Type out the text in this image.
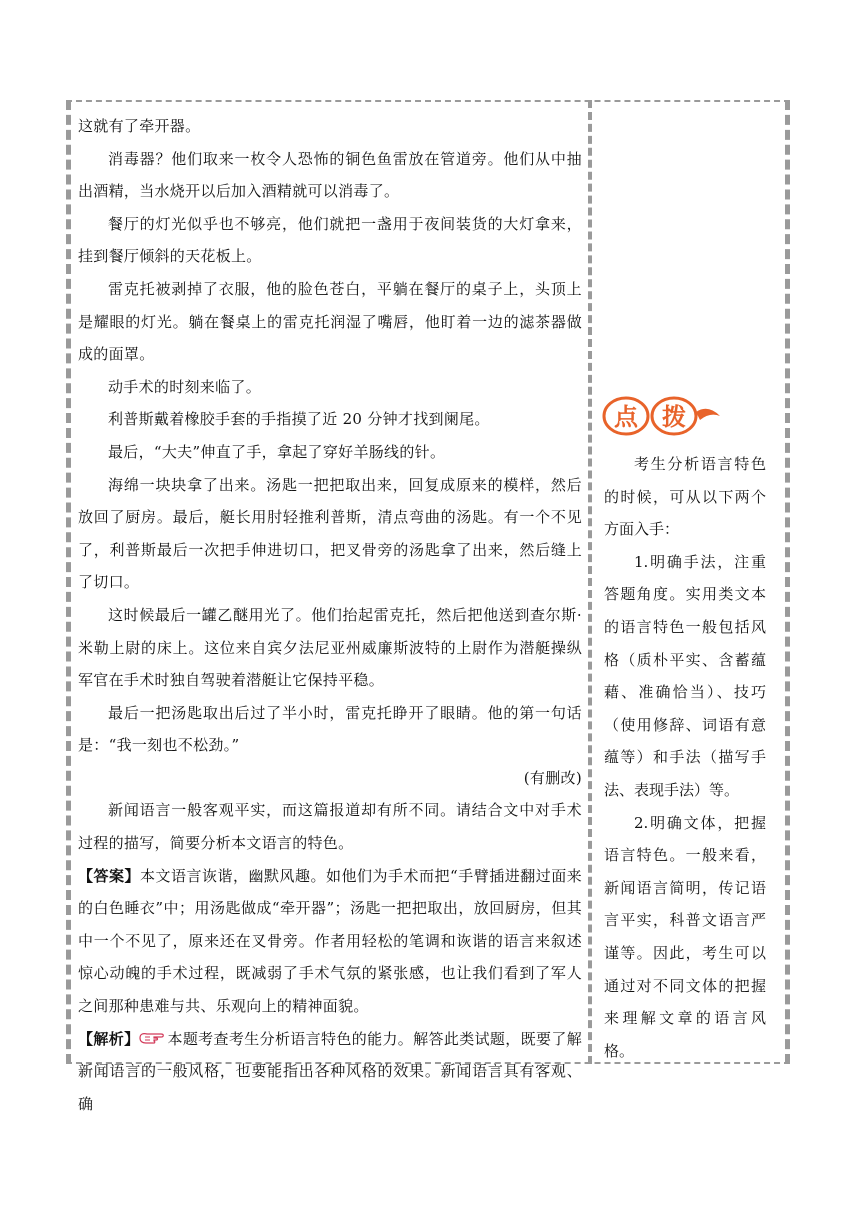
这就有了牵开器。

消毒器？他们取来一枚令人恐怖的铜色鱼雷放在管道旁。他们从中抽出酒精，当水烧开以后加入酒精就可以消毒了。

餐厅的灯光似乎也不够亮，他们就把一盏用于夜间装货的大灯拿来，挂到餐厅倾斜的天花板上。

雷克托被剥掉了衣服，他的脸色苍白，平躺在餐厅的桌子上，头顶上是耀眼的灯光。躺在餐桌上的雷克托润湿了嘴唇，他盯着一边的滤茶器做成的面罩。

动手术的时刻来临了。

利普斯戴着橡胶手套的手指摸了近 20 分钟才找到阑尾。

最后，“大夫”伸直了手，拿起了穿好羊肠线的针。

海绵一块块拿了出来。汤匙一把把取出来，回复成原来的模样，然后放回了厨房。最后，艇长用肘轻推利普斯，清点弯曲的汤匙。有一个不见了，利普斯最后一次把手伸进切口，把叉骨旁的汤匙拿了出来，然后缝上了切口。

这时候最后一罐乙醚用光了。他们抬起雷克托，然后把他送到查尔斯·米勒上尉的床上。这位来自宾夕法尼亚州威廉斯波特的上尉作为潜艇操纵军官在手术时独自驾驶着潜艇让它保持平稳。

最后一把汤匙取出后过了半小时，雷克托睁开了眼睛。他的第一句话是：“我一刻也不松劲。”

(有删改)

新闻语言一般客观平实，而这篇报道却有所不同。请结合文中对手术过程的描写，简要分析本文语言的特色。

【答案】本文语言诙谐，幽默风趣。如他们为手术而把“手臂插进翻过面来的白色睡衣”中；用汤匙做成“牵开器”；汤匙一把把取出，放回厨房，但其中一个不见了，原来还在叉骨旁。作者用轻松的笔调和诙谐的语言来叙述惊心动魄的手术过程，既减弱了手术气氛的紧张感，也让我们看到了军人之间那种患难与共、乐观向上的精神面貌。

【解析】 本题考查考生分析语言特色的能力。解答此类试题，既要了解新闻语言的一般风格，也要能指出各种风格的效果。新闻语言具有客观、确

点 拨

考生分析语言特色的时候，可从以下两个方面入手：

1.明确手法，注重答题角度。实用类文本的语言特色一般包括风格（质朴平实、含蓄蕴藉、准确恰当）、技巧（使用修辞、词语有意蕴等）和手法（描写手法、表现手法）等。

2.明确文体，把握语言特色。一般来看，新闻语言简明，传记语言平实，科普文语言严谨等。因此，考生可以通过对不同文体的把握来理解文章的语言风格。
